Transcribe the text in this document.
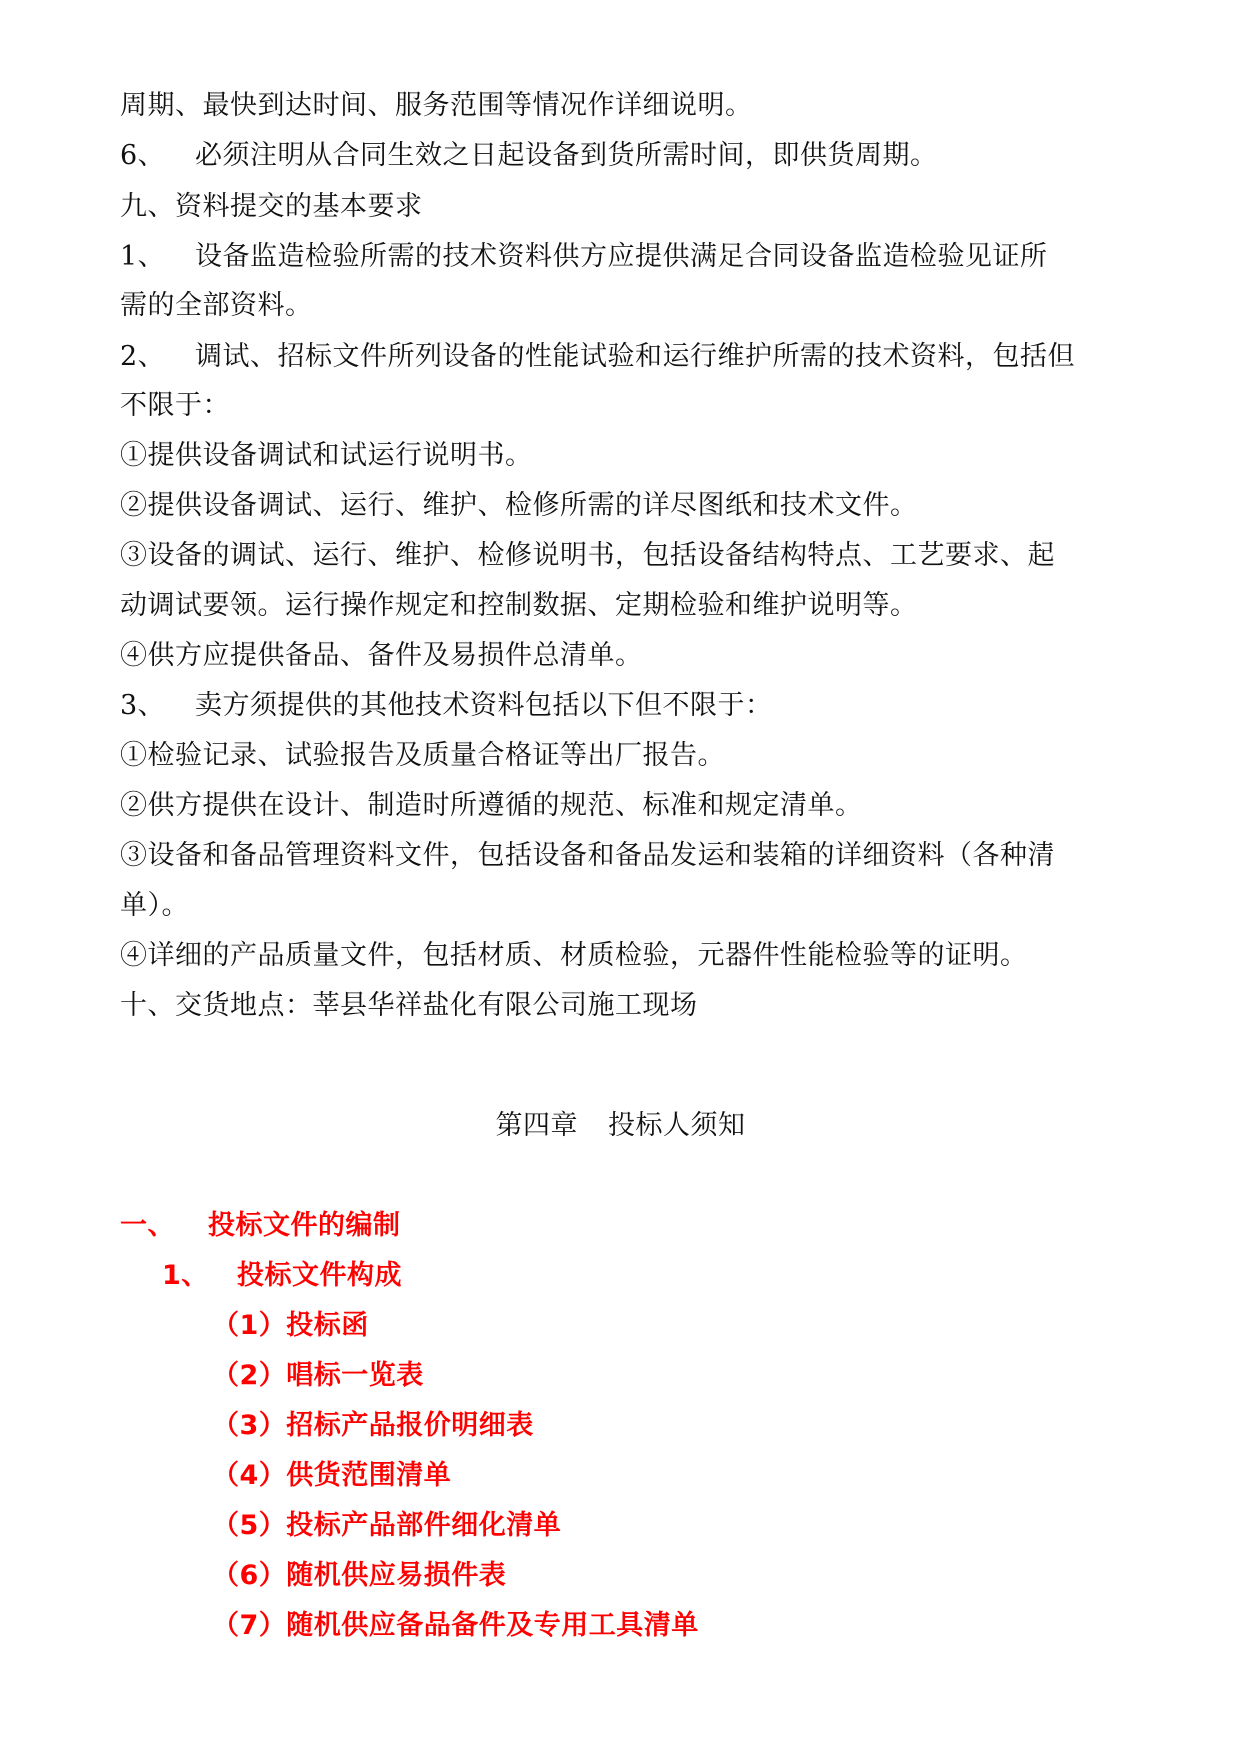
周期、最快到达时间、服务范围等情况作详细说明。
6、 必须注明从合同生效之日起设备到货所需时间，即供货周期。
九、资料提交的基本要求
1、 设备监造检验所需的技术资料供方应提供满足合同设备监造检验见证所
需的全部资料。
2、 调试、招标文件所列设备的性能试验和运行维护所需的技术资料，包括但
不限于：
①提供设备调试和试运行说明书。
②提供设备调试、运行、维护、检修所需的详尽图纸和技术文件。
③设备的调试、运行、维护、检修说明书，包括设备结构特点、工艺要求、起
动调试要领。运行操作规定和控制数据、定期检验和维护说明等。
④供方应提供备品、备件及易损件总清单。
3、 卖方须提供的其他技术资料包括以下但不限于：
①检验记录、试验报告及质量合格证等出厂报告。
②供方提供在设计、制造时所遵循的规范、标准和规定清单。
③设备和备品管理资料文件，包括设备和备品发运和装箱的详细资料（各种清
单）。
④详细的产品质量文件，包括材质、材质检验，元器件性能检验等的证明。
十、交货地点：莘县华祥盐化有限公司施工现场
第四章 投标人须知
一、 投标文件的编制
1、 投标文件构成
（1）投标函
（2）唱标一览表
（3）招标产品报价明细表
（4）供货范围清单
（5）投标产品部件细化清单
（6）随机供应易损件表
（7）随机供应备品备件及专用工具清单
